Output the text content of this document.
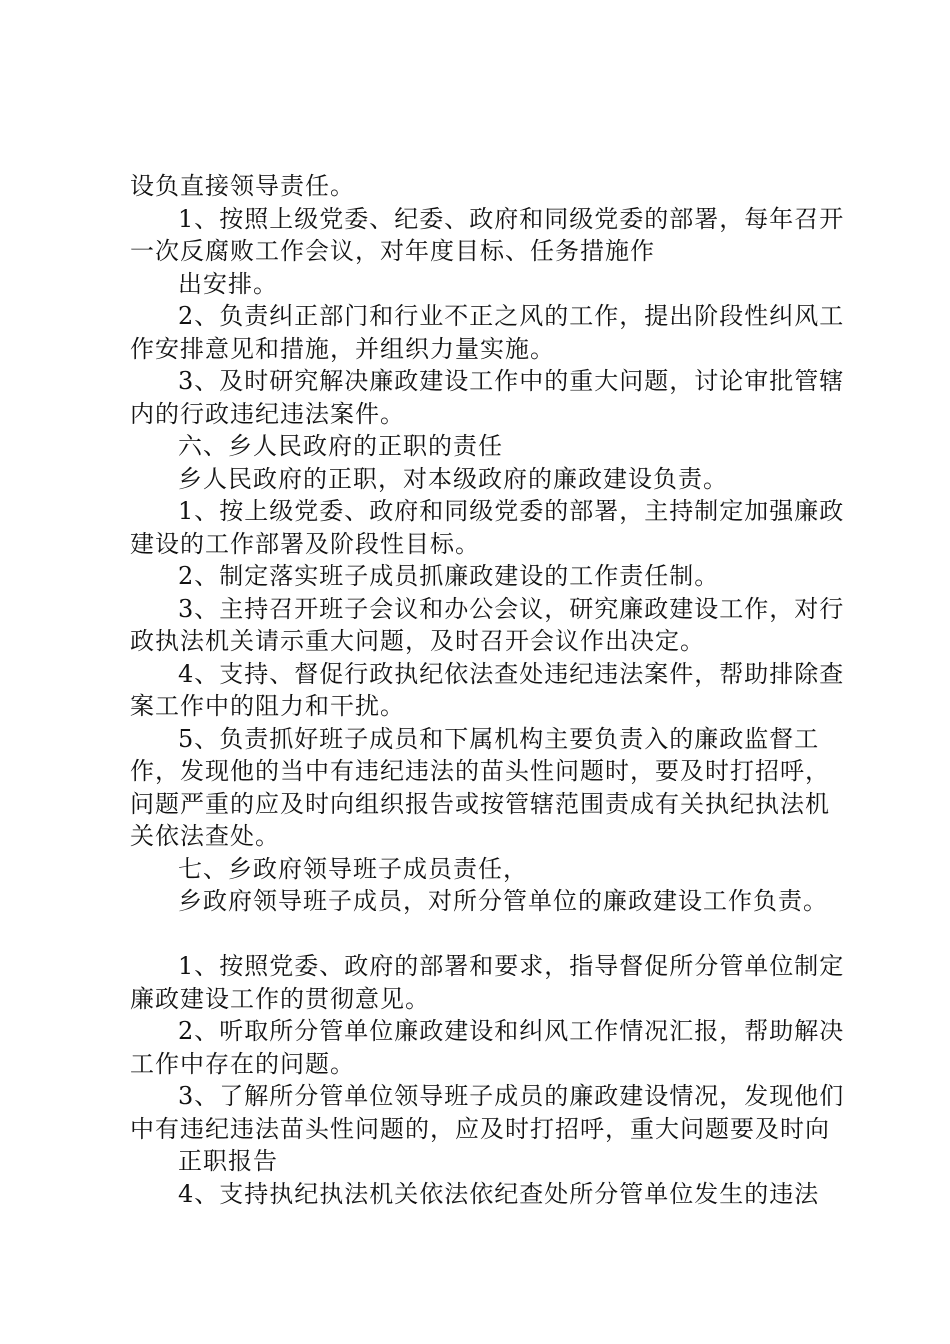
设负直接领导责任。

1、按照上级党委、纪委、政府和同级党委的部署，每年召开一次反腐败工作会议，对年度目标、任务措施作

出安排。

2、负责纠正部门和行业不正之风的工作，提出阶段性纠风工作安排意见和措施，并组织力量实施。

3、及时研究解决廉政建设工作中的重大问题，讨论审批管辖内的行政违纪违法案件。

六、乡人民政府的正职的责任

乡人民政府的正职，对本级政府的廉政建设负责。

1、按上级党委、政府和同级党委的部署，主持制定加强廉政建设的工作部署及阶段性目标。

2、制定落实班子成员抓廉政建设的工作责任制。

3、主持召开班子会议和办公会议，研究廉政建设工作，对行政执法机关请示重大问题，及时召开会议作出决定。

4、支持、督促行政执纪依法查处违纪违法案件，帮助排除查案工作中的阻力和干扰。

5、负责抓好班子成员和下属机构主要负责入的廉政监督工作，发现他的当中有违纪违法的苗头性问题时，要及时打招呼，问题严重的应及时向组织报告或按管辖范围责成有关执纪执法机关依法查处。

七、乡政府领导班子成员责任，

乡政府领导班子成员，对所分管单位的廉政建设工作负责。

1、按照党委、政府的部署和要求，指导督促所分管单位制定廉政建设工作的贯彻意见。

2、听取所分管单位廉政建设和纠风工作情况汇报，帮助解决工作中存在的问题。

3、了解所分管单位领导班子成员的廉政建设情况，发现他们中有违纪违法苗头性问题的，应及时打招呼，重大问题要及时向

正职报告

4、支持执纪执法机关依法依纪查处所分管单位发生的违法
